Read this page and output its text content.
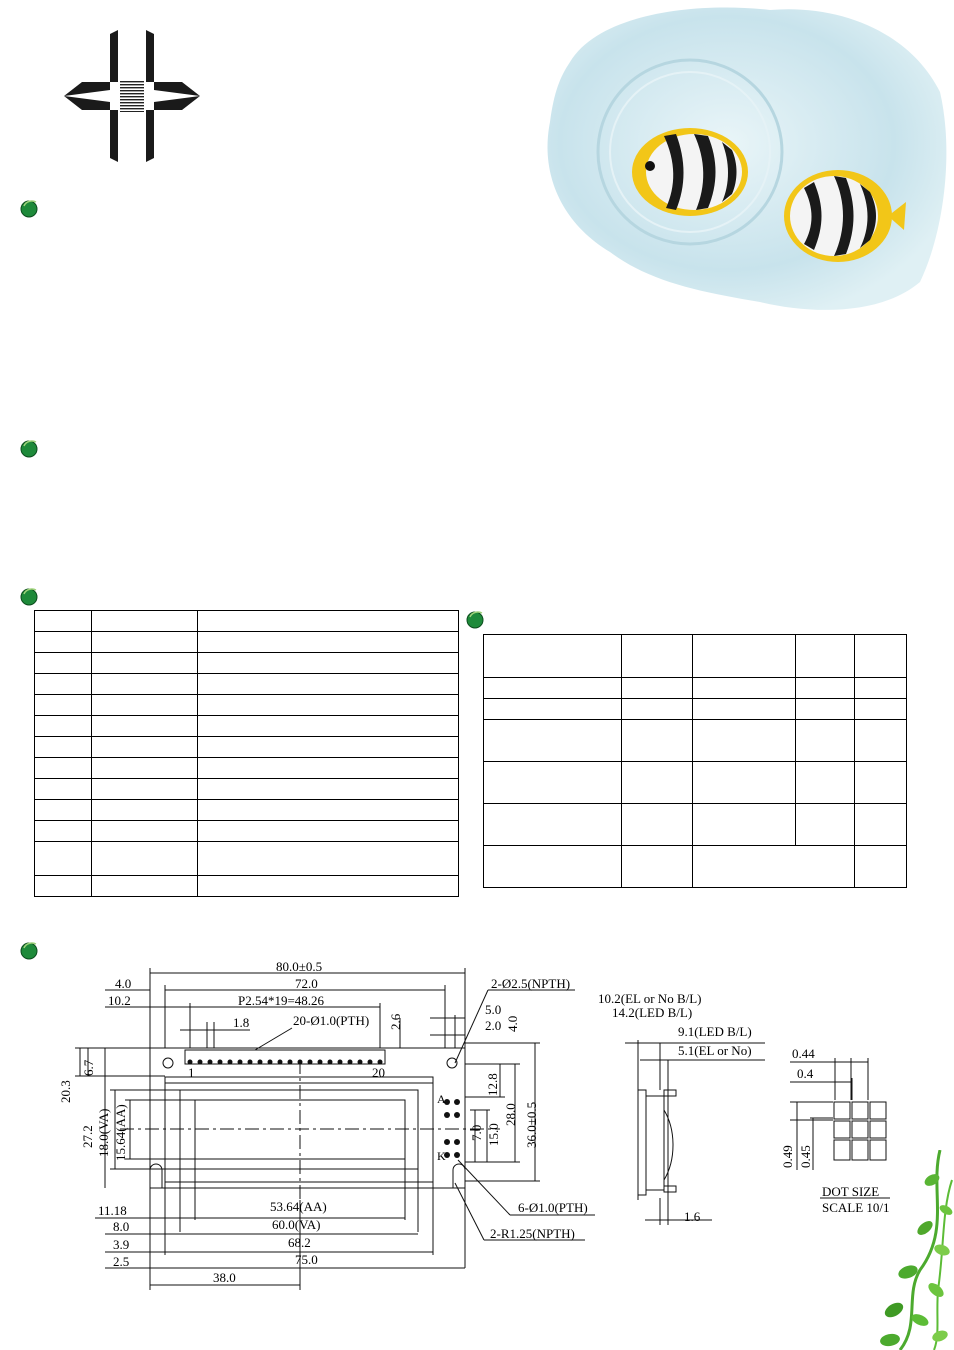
80.0±0.5
72.0
4.0
10.2	P2.54*19=48.26
1.8	20-Ø1.0(PTH) 2.6
2-Ø2.5(NPTH)
5.0
2.0 4.0
6.7
20.3
27.2 18.0(VA) 15.64(AA)
1	20
A
K
12.8
7.0 15.0
28.0 36.0±0.5
11.18	53.64(AA)
8.0	60.0(VA)
3.9	68.2
2.5	75.0
38.0
6-Ø1.0(PTH)
2-R1.25(NPTH)
10.2(EL or No B/L)
14.2(LED B/L)
9.1(LED B/L)
5.1(EL or No)
1.6
0.44
0.4
0.49 0.45
DOT SIZE
SCALE 10/1
